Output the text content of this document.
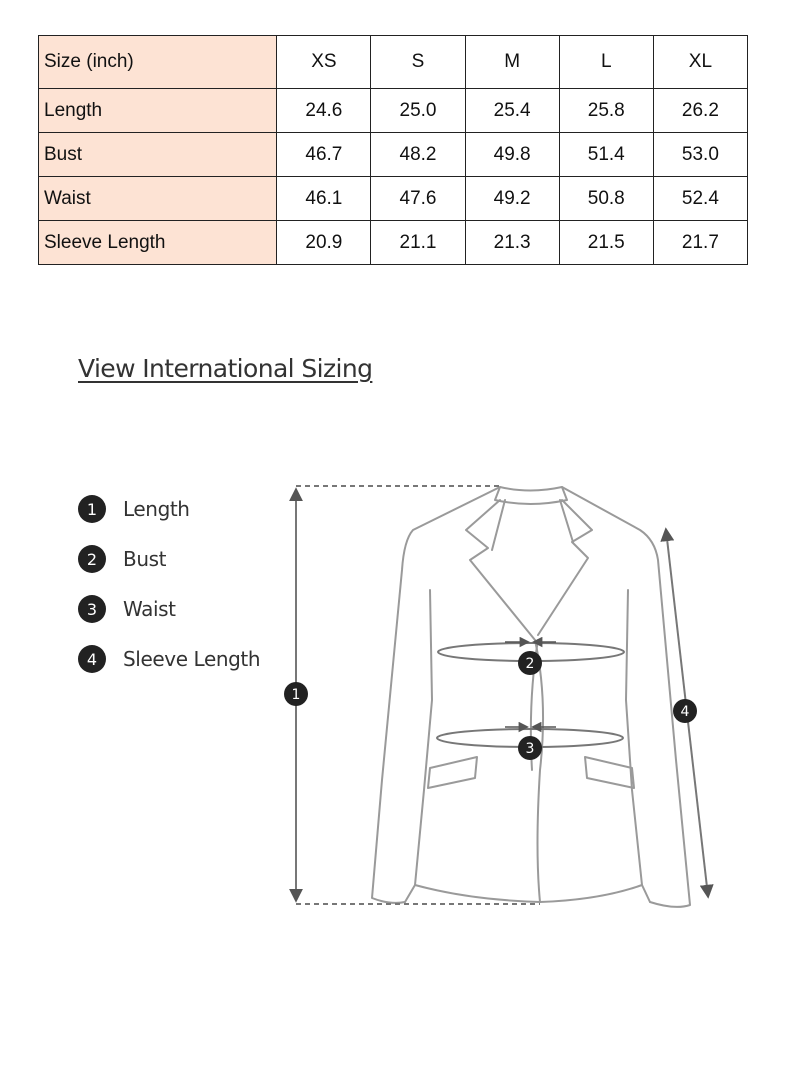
Size (inch)	XS	S	M	L	XL
Length	24.6	25.0	25.4	25.8	26.2
Bust	46.7	48.2	49.8	51.4	53.0
Waist	46.1	47.6	49.2	50.8	52.4
Sleeve Length	20.9	21.1	21.3	21.5	21.7
View International Sizing
1	Length
2	Bust
3	Waist
4	Sleeve Length
1
2
3
4
